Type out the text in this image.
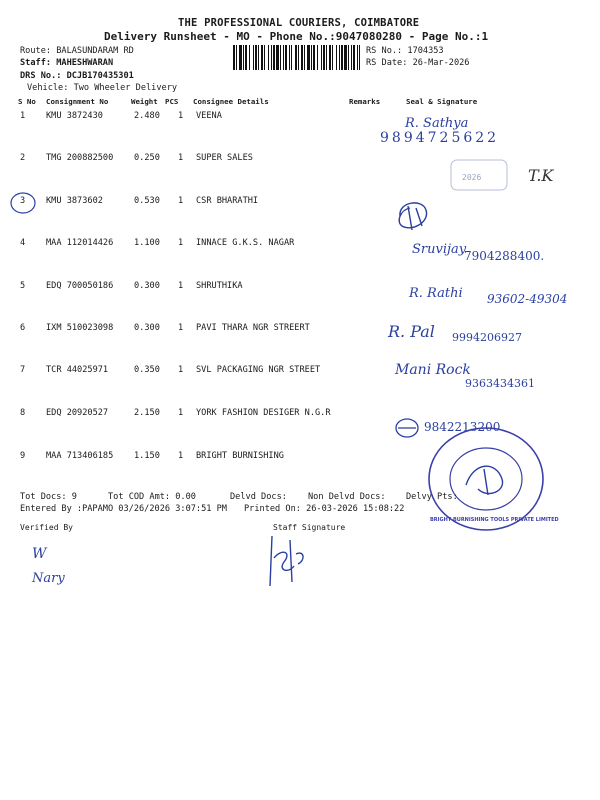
THE PROFESSIONAL COURIERS, COIMBATORE
Delivery Runsheet - MO - Phone No.:9047080280 - Page No.:1
Route: BALASUNDARAM RD
Staff: MAHESHWARAN
DRS No.: DCJB170435301
Vehicle: Two Wheeler Delivery
RS No.: 1704353
RS Date: 26-Mar-2026
S No Consignment No	Weight PCS Consignee Details	Remarks	Seal & Signature
1 KMU 3872430	2.480 1 VEENA
2 TMG 200882500 0.250 1 SUPER SALES
3 KMU 3873602	0.530 1 CSR BHARATHI
4 MAA 112014426 1.100 1 INNACE G.K.S. NAGAR
5 EDQ 700050186 0.300 1 SHRUTHIKA
6 IXM 510023098 0.300 1 PAVI THARA NGR STREERT
7 TCR 44025971	0.350 1 SVL PACKAGING NGR STREET
8 EDQ 20920527	2.150 1 YORK FASHION DESIGER N.G.R
9 MAA 713406185 1.150 1 BRIGHT BURNISHING
R. Sathya
9894725622
2026	T.K
Sruvijay
7904288400.
R. Rathi 93602-49304
R. Pal 9994206927
Mani Rock
9363434361
9842213200
BRIGHT BURNISHING TOOLS PRIVATE LIMITED
Tot Docs: 9	Tot COD Amt: 0.00	Delvd Docs: Non Delvd Docs: Delvy Pts:
Entered By :PAPAMO 03/26/2026 3:07:51 PM Printed On: 26-03-2026 15:08:22
Verified By	Staff Signature
W
Nary
